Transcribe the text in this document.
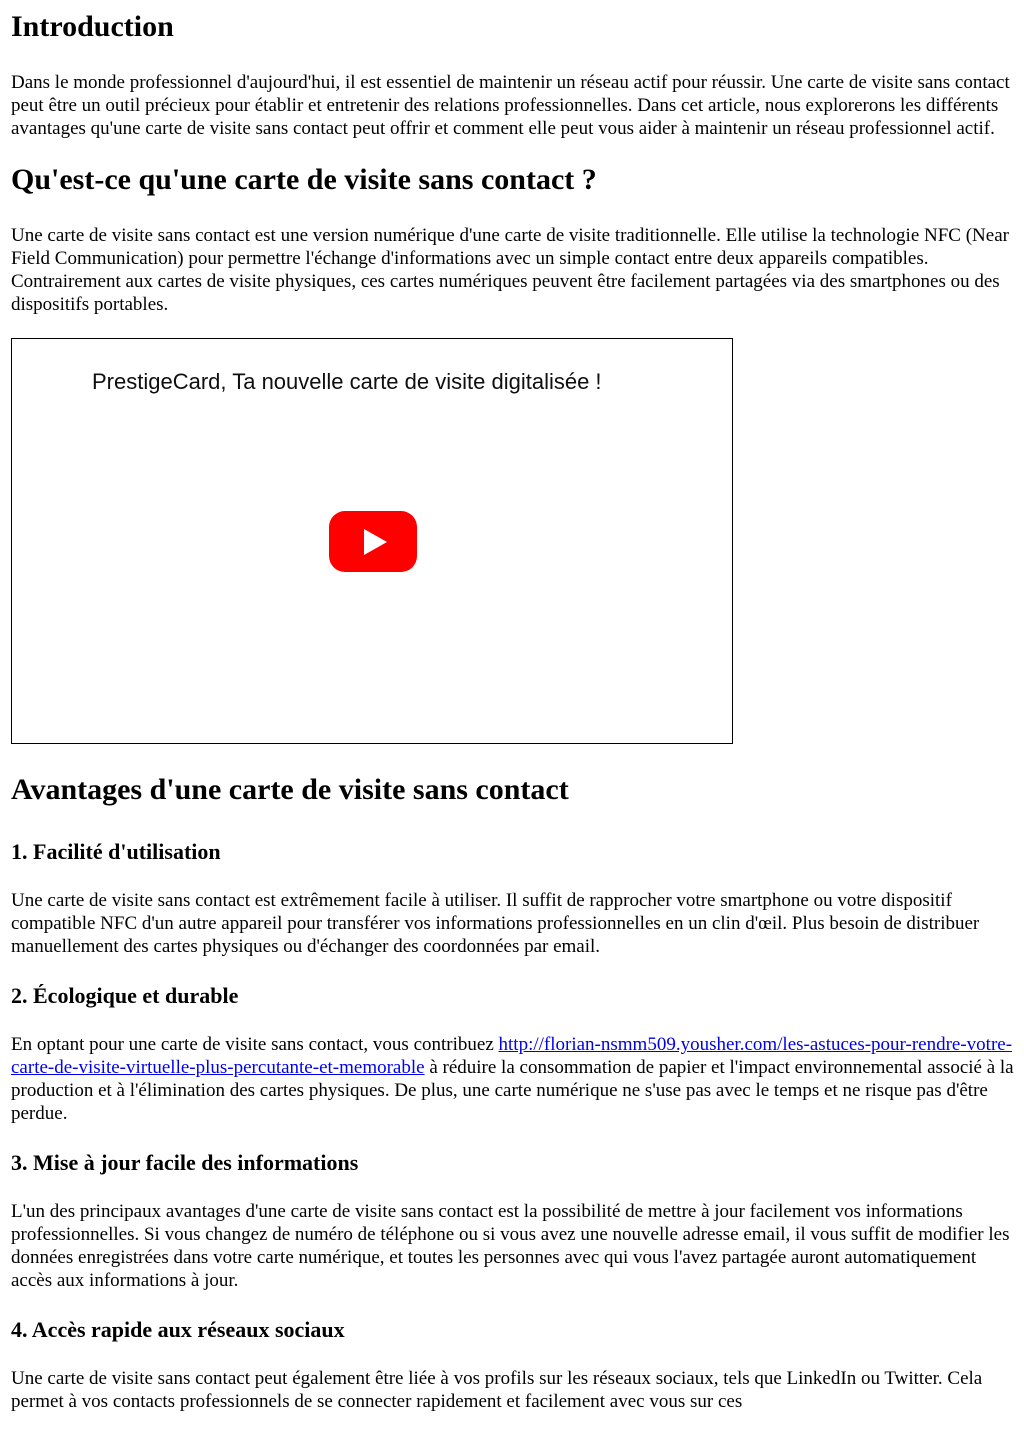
Introduction

Dans le monde professionnel d'aujourd'hui, il est essentiel de maintenir un réseau actif pour réussir. Une carte de visite sans contact peut être un outil précieux pour établir et entretenir des relations professionnelles. Dans cet article, nous explorerons les différents avantages qu'une carte de visite sans contact peut offrir et comment elle peut vous aider à maintenir un réseau professionnel actif.

Qu'est-ce qu'une carte de visite sans contact ?

Une carte de visite sans contact est une version numérique d'une carte de visite traditionnelle. Elle utilise la technologie NFC (Near Field Communication) pour permettre l'échange d'informations avec un simple contact entre deux appareils compatibles. Contrairement aux cartes de visite physiques, ces cartes numériques peuvent être facilement partagées via des smartphones ou des dispositifs portables.

PrestigeCard, Ta nouvelle carte de visite digitalisée !
Avantages d'une carte de visite sans contact
1. Facilité d'utilisation

Une carte de visite sans contact est extrêmement facile à utiliser. Il suffit de rapprocher votre smartphone ou votre dispositif compatible NFC d'un autre appareil pour transférer vos informations professionnelles en un clin d'œil. Plus besoin de distribuer manuellement des cartes physiques ou d'échanger des coordonnées par email.

2. Écologique et durable

En optant pour une carte de visite sans contact, vous contribuez http://florian-nsmm509.yousher.com/les-astuces-pour-rendre-votre-carte-de-visite-virtuelle-plus-percutante-et-memorable à réduire la consommation de papier et l'impact environnemental associé à la production et à l'élimination des cartes physiques. De plus, une carte numérique ne s'use pas avec le temps et ne risque pas d'être perdue.

3. Mise à jour facile des informations

L'un des principaux avantages d'une carte de visite sans contact est la possibilité de mettre à jour facilement vos informations professionnelles. Si vous changez de numéro de téléphone ou si vous avez une nouvelle adresse email, il vous suffit de modifier les données enregistrées dans votre carte numérique, et toutes les personnes avec qui vous l'avez partagée auront automatiquement accès aux informations à jour.

4. Accès rapide aux réseaux sociaux

Une carte de visite sans contact peut également être liée à vos profils sur les réseaux sociaux, tels que LinkedIn ou Twitter. Cela permet à vos contacts professionnels de se connecter rapidement et facilement avec vous sur ces
